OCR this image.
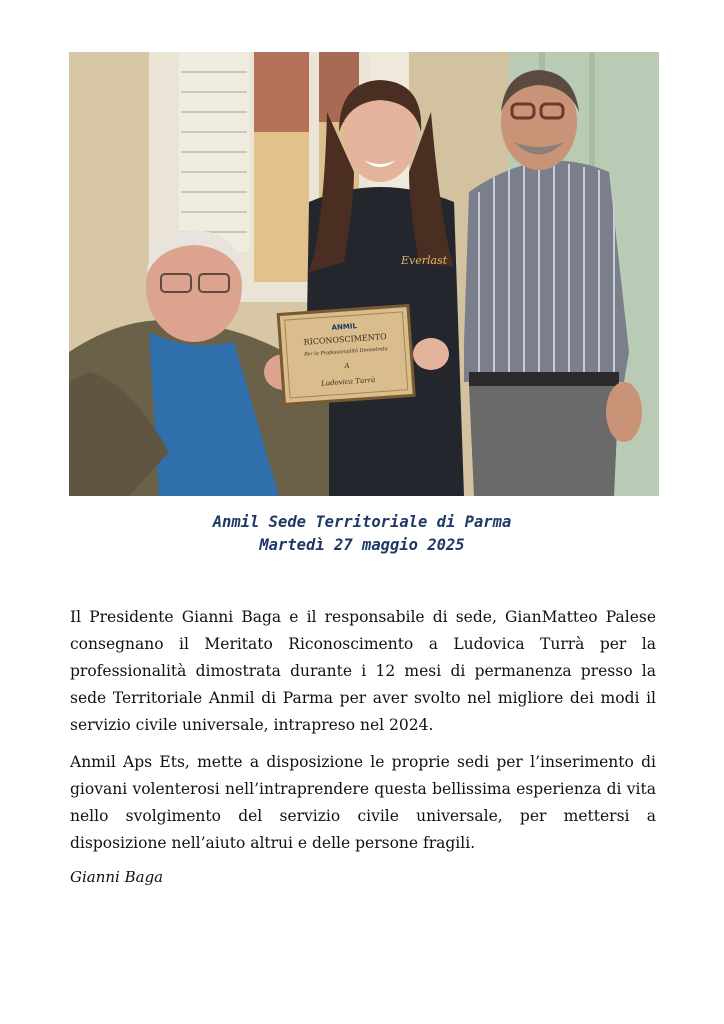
Everlast
ANMIL
RICONOSCIMENTO
Per la Professionalità Dimostrata
A
Ludovica Turrà
Anmil Sede Territoriale di Parma
Martedì 27 maggio 2025

Il Presidente Gianni Baga e il responsabile di sede, GianMatteo Palese consegnano il Meritato Riconoscimento a Ludovica Turrà per la professionalità dimostrata durante i 12 mesi di permanenza presso la sede Territoriale Anmil di Parma per aver svolto nel migliore dei modi il servizio civile universale, intrapreso nel 2024.

Anmil Aps Ets, mette a disposizione le proprie sedi per l’inserimento di giovani volenterosi nell’intraprendere questa bellissima esperienza di vita nello svolgimento del servizio civile universale, per mettersi a disposizione nell’aiuto altrui e delle persone fragili.

Gianni Baga
